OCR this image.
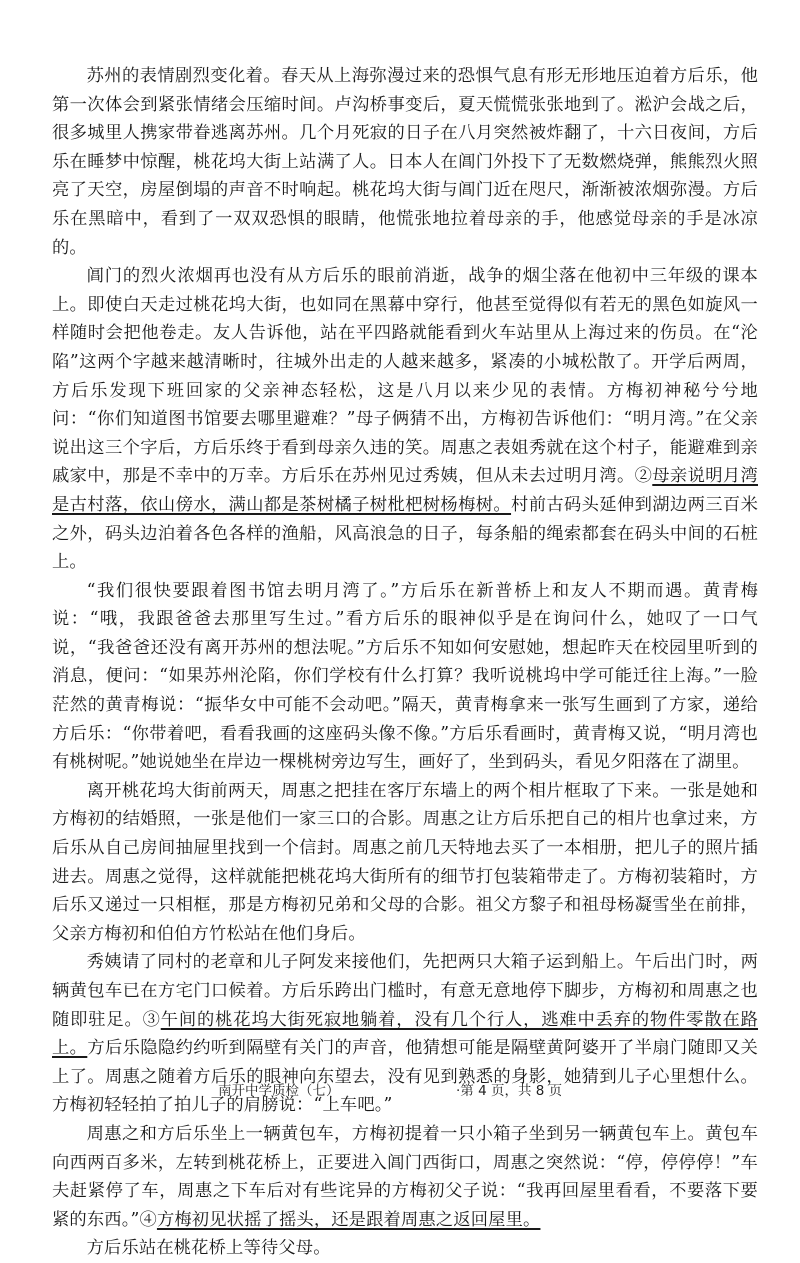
苏州的表情剧烈变化着。春天从上海弥漫过来的恐惧气息有形无形地压迫着方后乐，他第一次体会到紧张情绪会压缩时间。卢沟桥事变后，夏天慌慌张张地到了。淞沪会战之后，很多城里人携家带眷逃离苏州。几个月死寂的日子在八月突然被炸翻了，十六日夜间，方后乐在睡梦中惊醒，桃花坞大街上站满了人。日本人在阊门外投下了无数燃烧弹，熊熊烈火照亮了天空，房屋倒塌的声音不时响起。桃花坞大街与阊门近在咫尺，渐渐被浓烟弥漫。方后乐在黑暗中，看到了一双双恐惧的眼睛，他慌张地拉着母亲的手，他感觉母亲的手是冰凉的。

阊门的烈火浓烟再也没有从方后乐的眼前消逝，战争的烟尘落在他初中三年级的课本上。即使白天走过桃花坞大街，也如同在黑幕中穿行，他甚至觉得似有若无的黑色如旋风一样随时会把他卷走。友人告诉他，站在平四路就能看到火车站里从上海过来的伤员。在“沦陷”这两个字越来越清晰时，往城外出走的人越来越多，紧凑的小城松散了。开学后两周，方后乐发现下班回家的父亲神态轻松，这是八月以来少见的表情。方梅初神秘兮兮地问：“你们知道图书馆要去哪里避难？”母子俩猜不出，方梅初告诉他们：“明月湾。”在父亲说出这三个字后，方后乐终于看到母亲久违的笑。周惠之表姐秀就在这个村子，能避难到亲戚家中，那是不幸中的万幸。方后乐在苏州见过秀姨，但从未去过明月湾。②母亲说明月湾是古村落，依山傍水，满山都是茶树橘子树枇杷树杨梅树。村前古码头延伸到湖边两三百米之外，码头边泊着各色各样的渔船，风高浪急的日子，每条船的绳索都套在码头中间的石桩上。

“我们很快要跟着图书馆去明月湾了。”方后乐在新普桥上和友人不期而遇。黄青梅说：“哦，我跟爸爸去那里写生过。”看方后乐的眼神似乎是在询问什么，她叹了一口气说，“我爸爸还没有离开苏州的想法呢。”方后乐不知如何安慰她，想起昨天在校园里听到的消息，便问：“如果苏州沦陷，你们学校有什么打算？我听说桃坞中学可能迁往上海。”一脸茫然的黄青梅说：“振华女中可能不会动吧。”隔天，黄青梅拿来一张写生画到了方家，递给方后乐：“你带着吧，看看我画的这座码头像不像。”方后乐看画时，黄青梅又说，“明月湾也有桃树呢。”她说她坐在岸边一棵桃树旁边写生，画好了，坐到码头，看见夕阳落在了湖里。

离开桃花坞大街前两天，周惠之把挂在客厅东墙上的两个相片框取了下来。一张是她和方梅初的结婚照，一张是他们一家三口的合影。周惠之让方后乐把自己的相片也拿过来，方后乐从自己房间抽屉里找到一个信封。周惠之前几天特地去买了一本相册，把儿子的照片插进去。周惠之觉得，这样就能把桃花坞大街所有的细节打包装箱带走了。方梅初装箱时，方后乐又递过一只相框，那是方梅初兄弟和父母的合影。祖父方黎子和祖母杨凝雪坐在前排，父亲方梅初和伯伯方竹松站在他们身后。

秀姨请了同村的老章和儿子阿发来接他们，先把两只大箱子运到船上。午后出门时，两辆黄包车已在方宅门口候着。方后乐跨出门槛时，有意无意地停下脚步，方梅初和周惠之也随即驻足。③午间的桃花坞大街死寂地躺着，没有几个行人，逃难中丢弃的物件零散在路上。方后乐隐隐约约听到隔壁有关门的声音，他猜想可能是隔壁黄阿婆开了半扇门随即又关上了。周惠之随着方后乐的眼神向东望去，没有见到熟悉的身影，她猜到儿子心里想什么。方梅初轻轻拍了拍儿子的肩膀说：“上车吧。”

周惠之和方后乐坐上一辆黄包车，方梅初提着一只小箱子坐到另一辆黄包车上。黄包车向西两百多米，左转到桃花桥上，正要进入阊门西街口，周惠之突然说：“停，停停停！”车夫赶紧停了车，周惠之下车后对有些诧异的方梅初父子说：“我再回屋里看看，不要落下要紧的东西。”④方梅初见状摇了摇头，还是跟着周惠之返回屋里。

方后乐站在桃花桥上等待父母。

南开中学质检（七）	·第 4 页，共 8 页
